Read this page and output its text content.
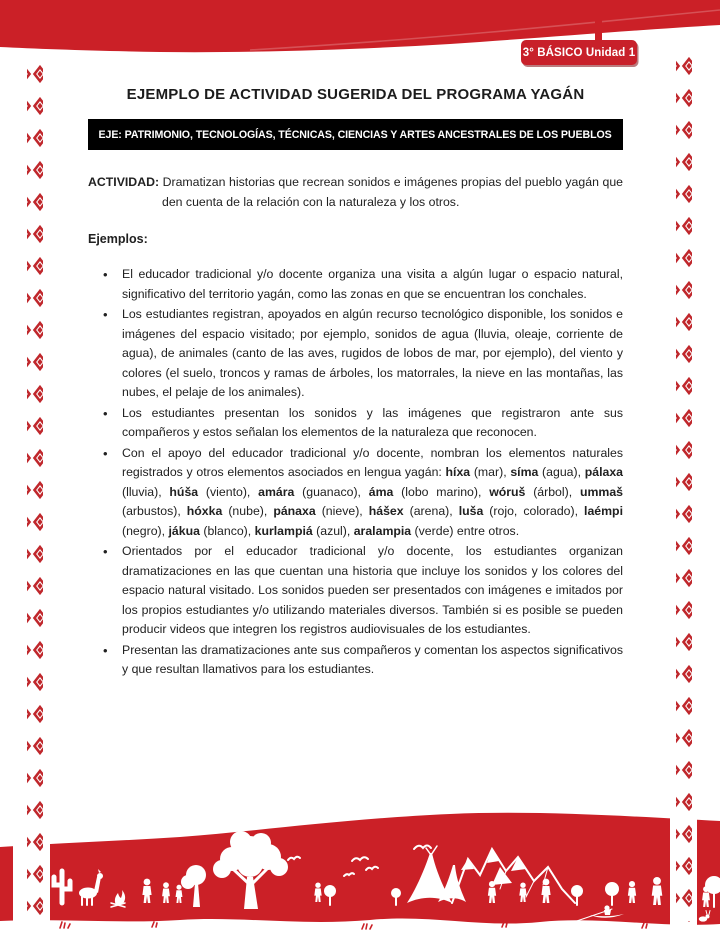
3° BÁSICO Unidad 1
EJEMPLO DE ACTIVIDAD SUGERIDA DEL PROGRAMA YAGÁN
EJE: PATRIMONIO, TECNOLOGÍAS, TÉCNICAS, CIENCIAS Y ARTES ANCESTRALES DE LOS PUEBLOS

ACTIVIDAD: Dramatizan historias que recrean sonidos e imágenes propias del pueblo yagán que den cuenta de la relación con la naturaleza y los otros.

Ejemplos:

• El educador tradicional y/o docente organiza una visita a algún lugar o espacio natural, significativo del territorio yagán, como las zonas en que se encuentran los conchales.
• Los estudiantes registran, apoyados en algún recurso tecnológico disponible, los sonidos e imágenes del espacio visitado; por ejemplo, sonidos de agua (lluvia, oleaje, corriente de agua), de animales (canto de las aves, rugidos de lobos de mar, por ejemplo), del viento y colores (el suelo, troncos y ramas de árboles, los matorrales, la nieve en las montañas, las nubes, el pelaje de los animales).
• Los estudiantes presentan los sonidos y las imágenes que registraron ante sus compañeros y estos señalan los elementos de la naturaleza que reconocen.
• Con el apoyo del educador tradicional y/o docente, nombran los elementos naturales registrados y otros elementos asociados en lengua yagán: híxa (mar), síma (agua), pálaxa (lluvia), húša (viento), amára (guanaco), áma (lobo marino), wóruš (árbol), ummaš (arbustos), hóxka (nube), pánaxa (nieve), hášex (arena), luša (rojo, colorado), laémpi (negro), jákua (blanco), kurlampiá (azul), aralampia (verde) entre otros.
• Orientados por el educador tradicional y/o docente, los estudiantes organizan dramatizaciones en las que cuentan una historia que incluye los sonidos y los colores del espacio natural visitado. Los sonidos pueden ser presentados con imágenes e imitados por los propios estudiantes y/o utilizando materiales diversos. También si es posible se pueden producir videos que integren los registros audiovisuales de los estudiantes.
• Presentan las dramatizaciones ante sus compañeros y comentan los aspectos significativos y que resultan llamativos para los estudiantes.
